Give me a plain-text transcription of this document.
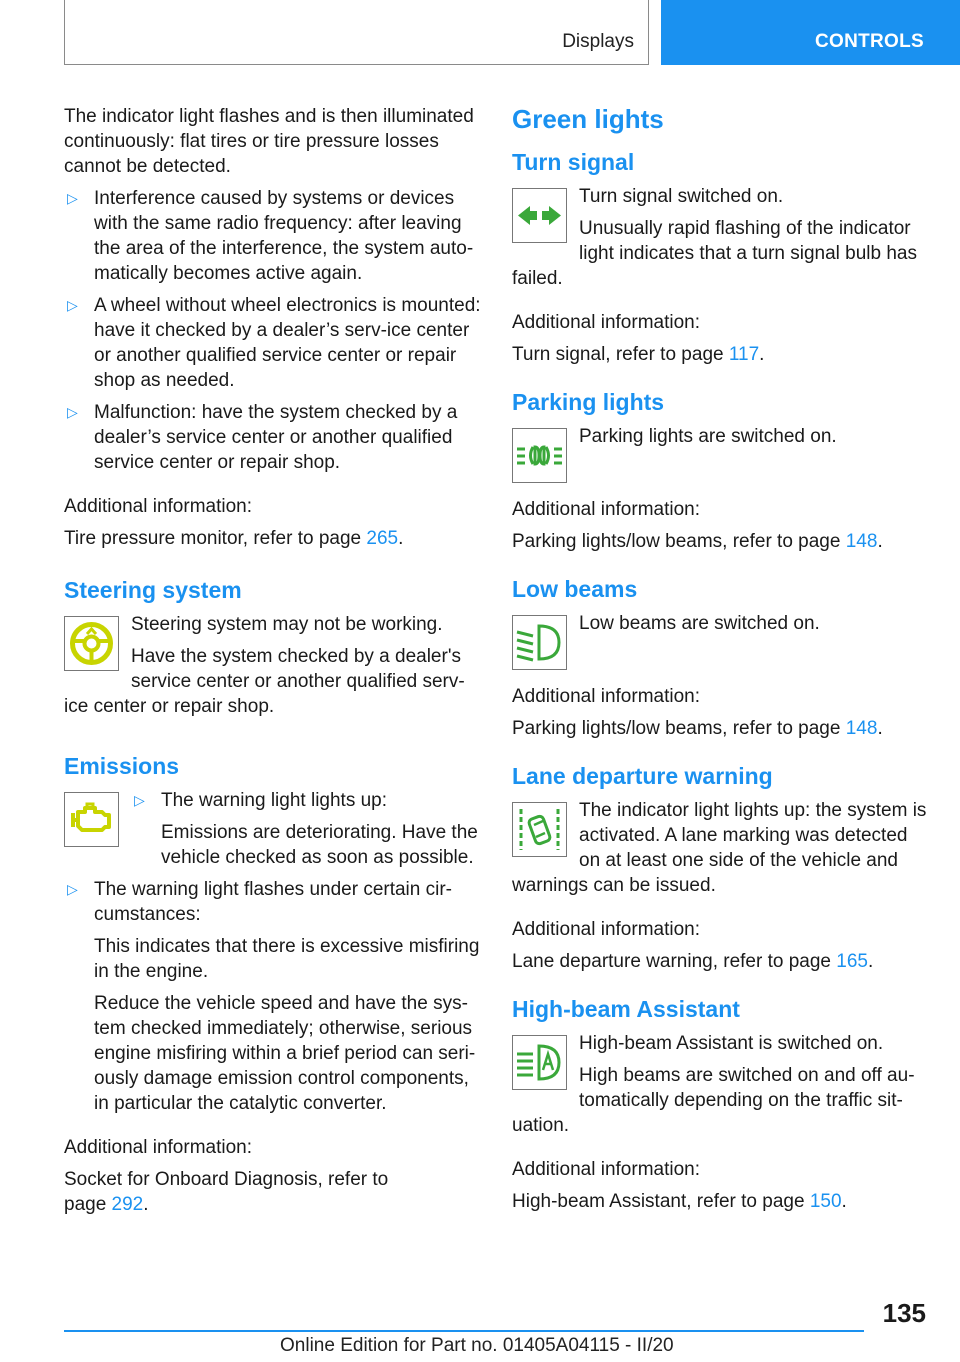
Displays	CONTROLS

The indicator light flashes and is then illuminated continuously: flat tires or tire pressure losses cannot be detected.

▷ Interference caused by systems or devices with the same radio frequency: after leaving the area of the interference, the system auto-matically becomes active again.

▷ A wheel without wheel electronics is mounted: have it checked by a dealer’s serv-ice center or another qualified service center or repair shop as needed.

▷ Malfunction: have the system checked by a dealer’s service center or another qualified service center or repair shop.

Additional information:

Tire pressure monitor, refer to page 265.

Steering system

Steering system may not be working.

Have the system checked by a dealer's service center or another qualified serv-ice center or repair shop.

Emissions
▷ The warning light lights up:

Emissions are deteriorating. Have the vehicle checked as soon as possible.

▷ The warning light flashes under certain cir-cumstances:

This indicates that there is excessive misfiring in the engine.

Reduce the vehicle speed and have the sys-tem checked immediately; otherwise, serious engine misfiring within a brief period can seri-ously damage emission control components, in particular the catalytic converter.

Additional information:

Socket for Onboard Diagnosis, refer to page 292.

Green lights
Turn signal

Turn signal switched on.

Unusually rapid flashing of the indicator light indicates that a turn signal bulb has failed.

Additional information:

Turn signal, refer to page 117.

Parking lights

Parking lights are switched on.

Additional information:

Parking lights/low beams, refer to page 148.

Low beams

Low beams are switched on.

Additional information:

Parking lights/low beams, refer to page 148.

Lane departure warning

The indicator light lights up: the system is activated. A lane marking was detected on at least one side of the vehicle and warnings can be issued.

Additional information:

Lane departure warning, refer to page 165.

High-beam Assistant

High-beam Assistant is switched on.

High beams are switched on and off au-tomatically depending on the traffic sit-uation.

Additional information:

High-beam Assistant, refer to page 150.

135
Online Edition for Part no. 01405A04115 - II/20
